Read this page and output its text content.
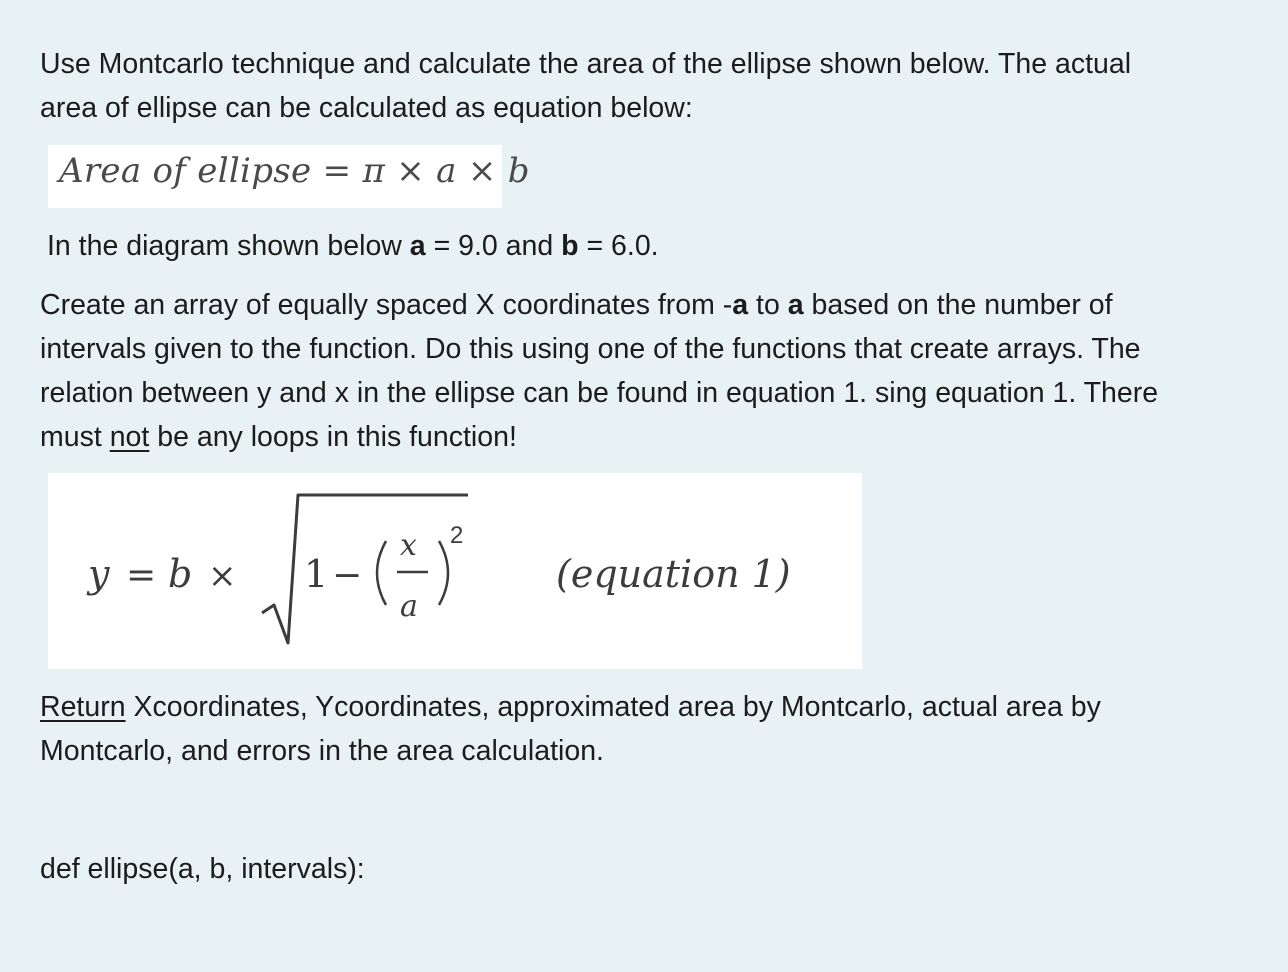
Use Montcarlo technique and calculate the area of the ellipse shown below. The actual
area of ellipse can be calculated as equation below:

Area of ellipse = π × a × b

In the diagram shown below a = 9.0 and b = 6.0.

Create an array of equally spaced X coordinates from -a to a based on the number of
intervals given to the function. Do this using one of the functions that create arrays. The
relation between y and x in the ellipse can be found in equation 1. sing equation 1. There
must not be any loops in this function!

y = b × 1 −
x
a
2
(equation 1)

Return Xcoordinates, Ycoordinates, approximated area by Montcarlo, actual area by
Montcarlo, and errors in the area calculation.

def ellipse(a, b, intervals):
